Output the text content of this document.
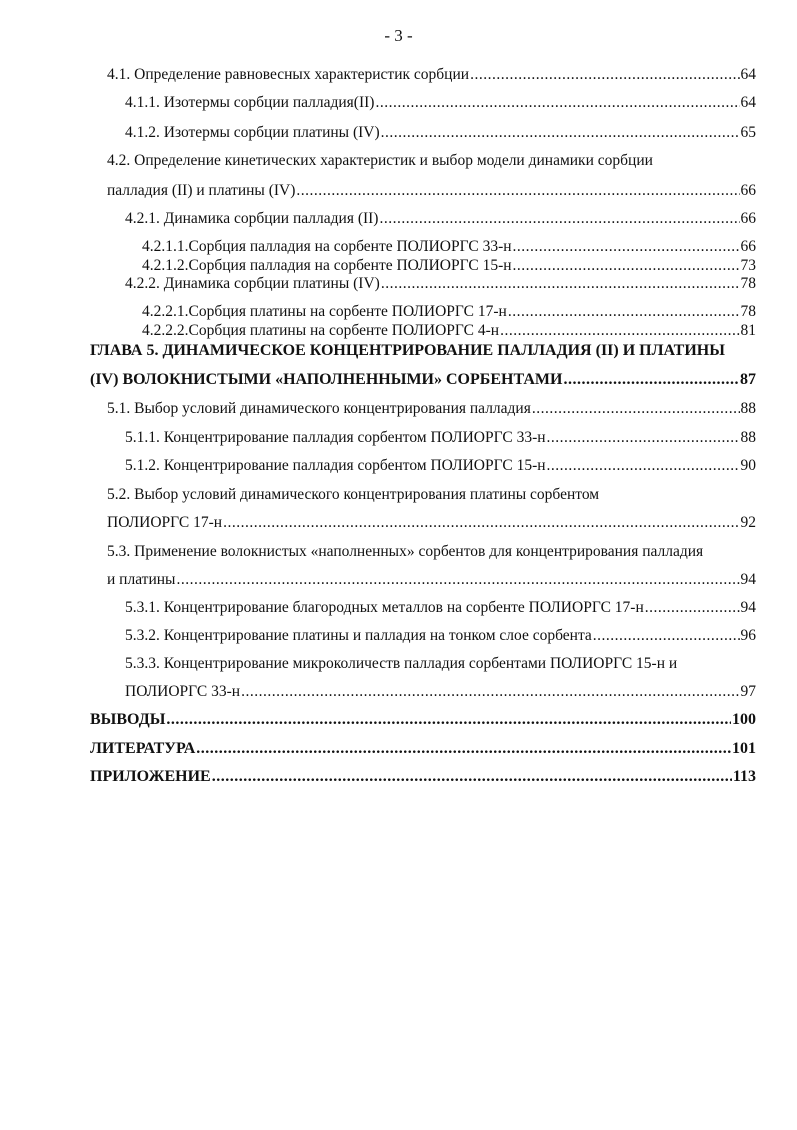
- 3 -
4.1. Определение равновесных характеристик сорбции .....	64
4.1.1. Изотермы сорбции палладия(II) .....	64
4.1.2. Изотермы сорбции платины (IV) .....	65
4.2. Определение кинетических характеристик и выбор модели динамики сорбции
палладия (II) и платины (IV) .....	66
4.2.1. Динамика сорбции палладия (II) .....	66
4.2.1.1.Сорбция палладия на сорбенте ПОЛИОРГС 33-н .....	66
4.2.1.2.Сорбция палладия на сорбенте ПОЛИОРГС 15-н .....	73
4.2.2. Динамика сорбции платины (IV) .....	78
4.2.2.1.Сорбция платины на сорбенте ПОЛИОРГС 17-н .....	78
4.2.2.2.Сорбция платины на сорбенте ПОЛИОРГС 4-н .....	81
ГЛАВА 5. ДИНАМИЧЕСКОЕ КОНЦЕНТРИРОВАНИЕ ПАЛЛАДИЯ (II) И ПЛАТИНЫ
(IV) ВОЛОКНИСТЫМИ «НАПОЛНЕННЫМИ» СОРБЕНТАМИ .....	87
5.1. Выбор условий динамического концентрирования палладия .....	88
5.1.1. Концентрирование палладия сорбентом ПОЛИОРГС 33-н .....	88
5.1.2. Концентрирование палладия сорбентом ПОЛИОРГС 15-н .....	90
5.2. Выбор условий динамического концентрирования платины сорбентом
ПОЛИОРГС 17-н .....	92
5.3. Применение волокнистых «наполненных» сорбентов для концентрирования палладия
и платины .....	94
5.3.1. Концентрирование благородных металлов на сорбенте ПОЛИОРГС 17-н .....	94
5.3.2. Концентрирование платины и палладия на тонком слое сорбента .....	96
5.3.3. Концентрирование микроколичеств палладия сорбентами ПОЛИОРГС 15-н и
ПОЛИОРГС 33-н .....	97
ВЫВОДЫ .....	100
ЛИТЕРАТУРА .....	101
ПРИЛОЖЕНИЕ .....	113
